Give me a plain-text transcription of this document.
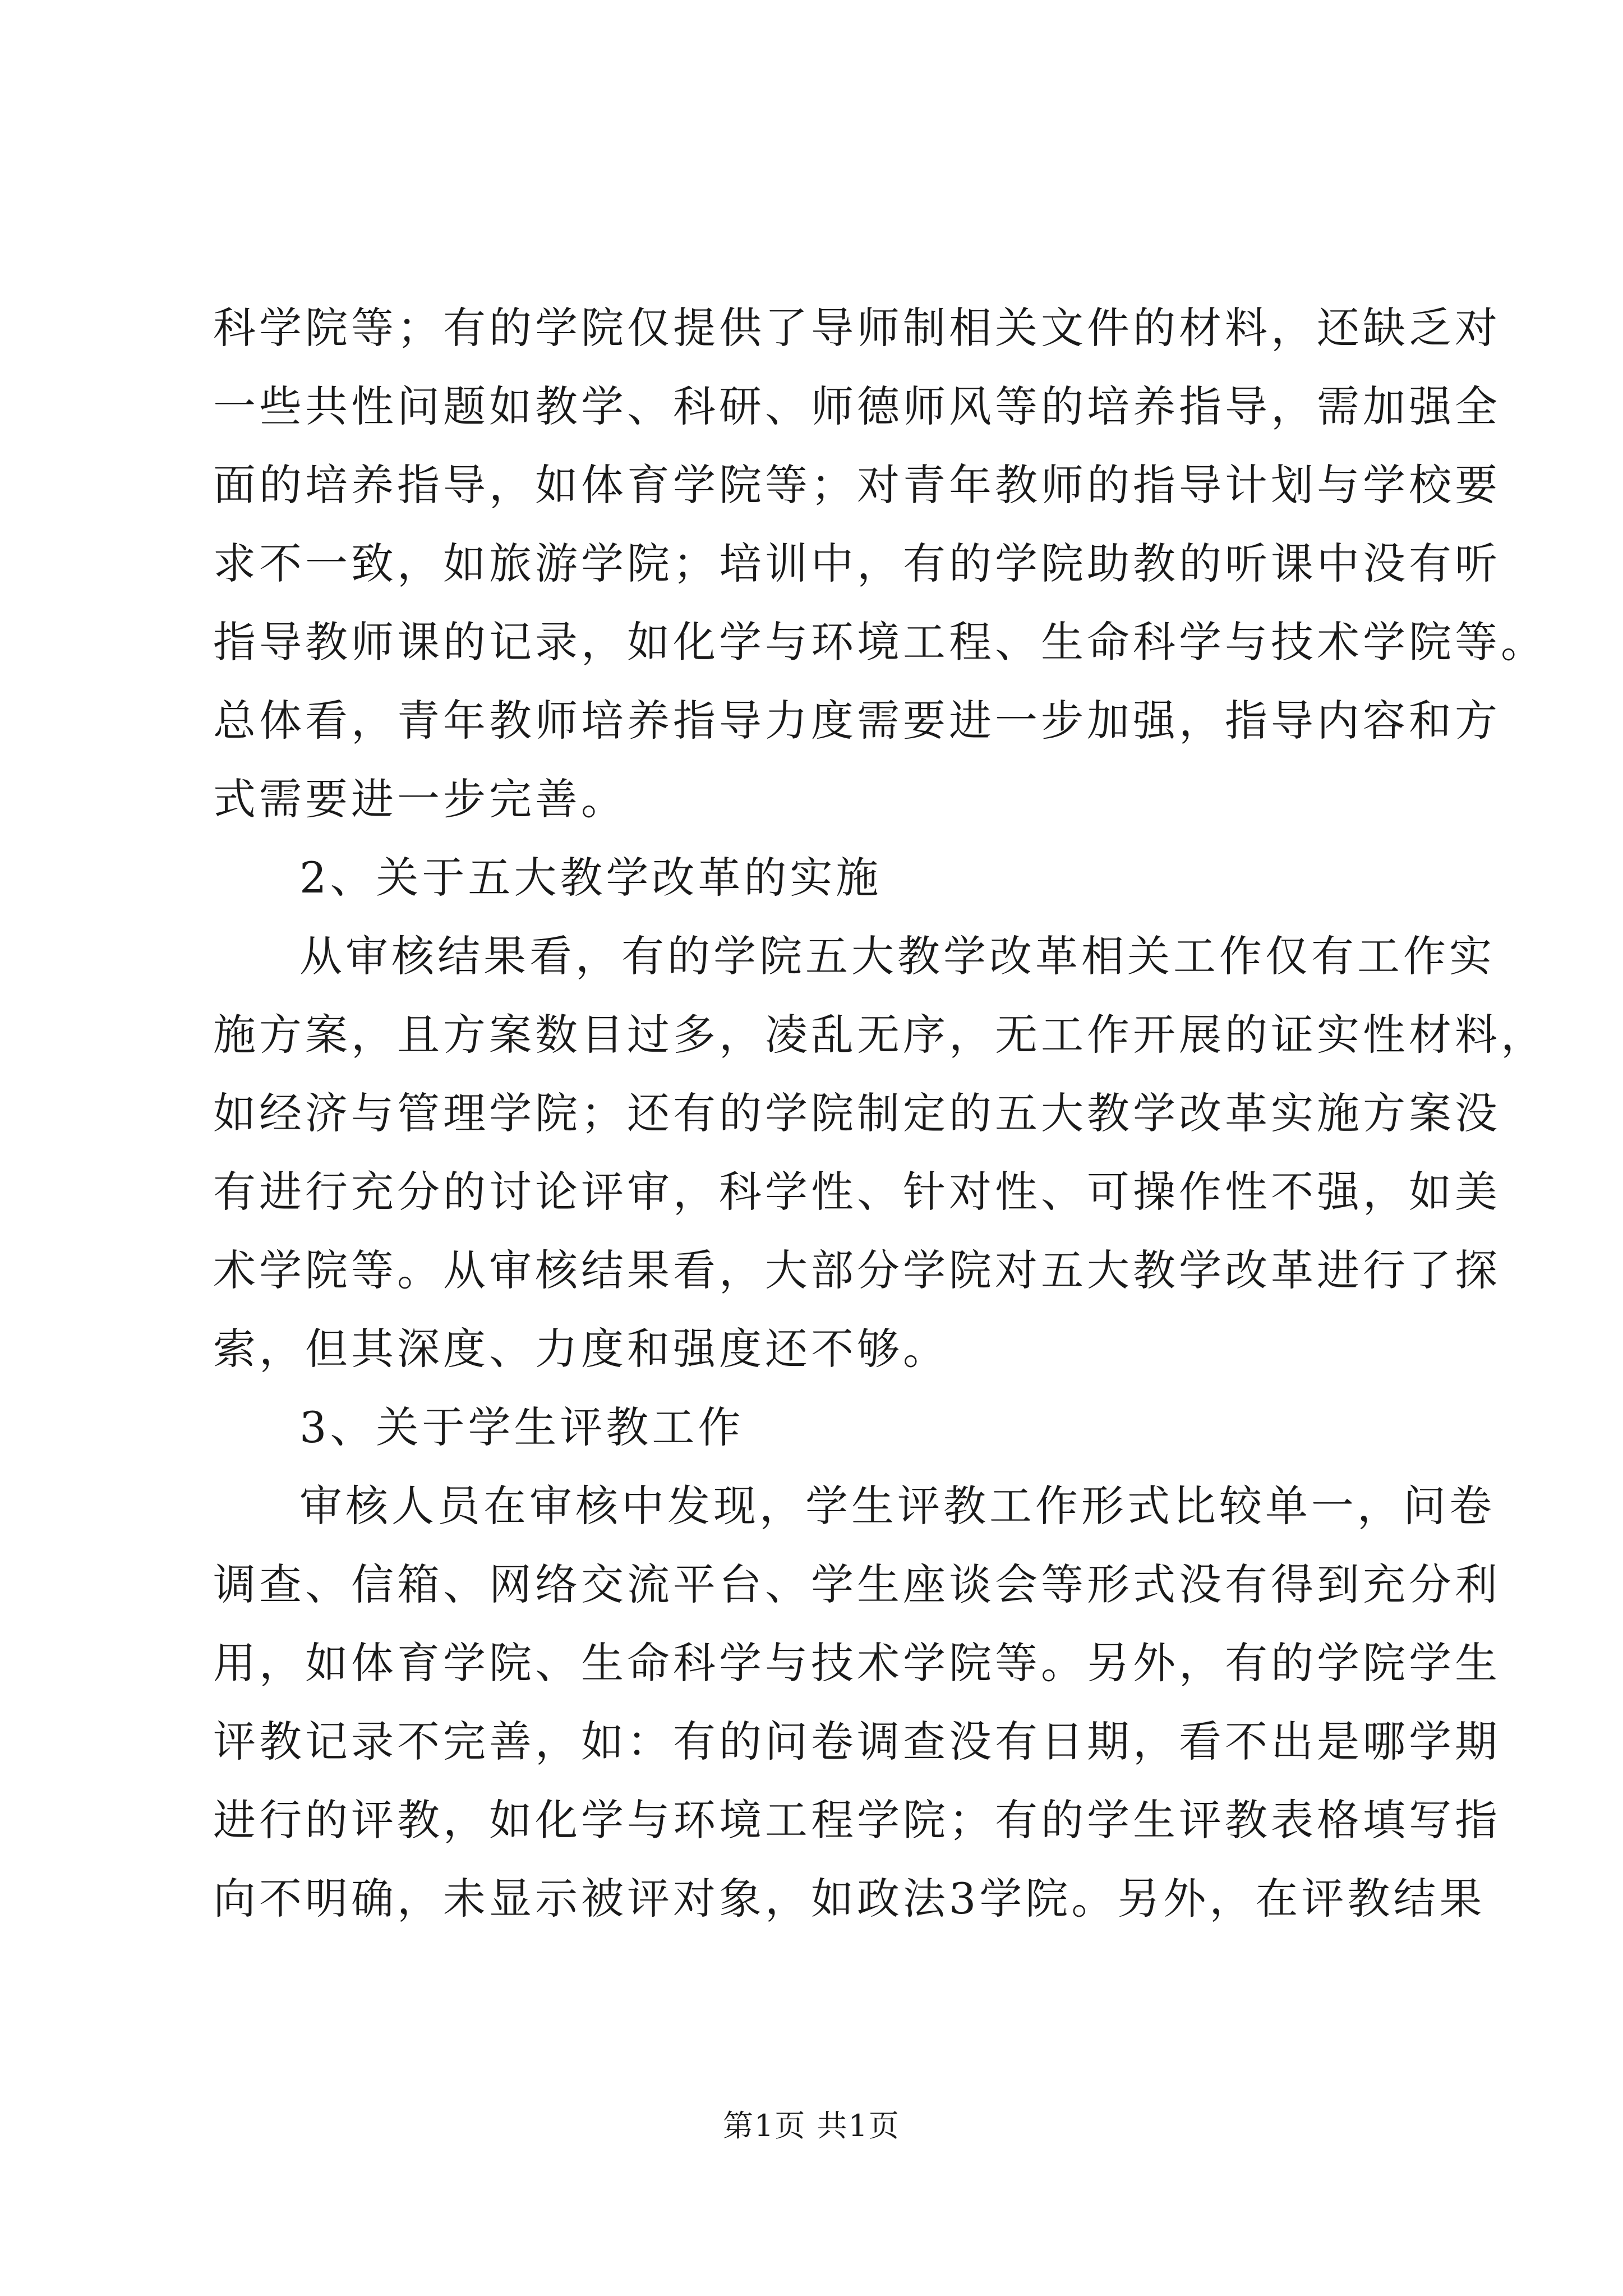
科学院等；有的学院仅提供了导师制相关文件的材料，还缺乏对
一些共性问题如教学、科研、师德师风等的培养指导，需加强全
面的培养指导，如体育学院等；对青年教师的指导计划与学校要
求不一致，如旅游学院；培训中，有的学院助教的听课中没有听
指导教师课的记录，如化学与环境工程、生命科学与技术学院等。
总体看，青年教师培养指导力度需要进一步加强，指导内容和方
式需要进一步完善。
2、关于五大教学改革的实施
从审核结果看，有的学院五大教学改革相关工作仅有工作实
施方案，且方案数目过多，凌乱无序，无工作开展的证实性材料，
如经济与管理学院；还有的学院制定的五大教学改革实施方案没
有进行充分的讨论评审，科学性、针对性、可操作性不强，如美
术学院等。从审核结果看，大部分学院对五大教学改革进行了探
索，但其深度、力度和强度还不够。
3、关于学生评教工作
审核人员在审核中发现，学生评教工作形式比较单一，问卷
调查、信箱、网络交流平台、学生座谈会等形式没有得到充分利
用，如体育学院、生命科学与技术学院等。另外，有的学院学生
评教记录不完善，如：有的问卷调查没有日期，看不出是哪学期
进行的评教，如化学与环境工程学院；有的学生评教表格填写指
向不明确，未显示被评对象，如政法3学院。另外，在评教结果
第1页 共1页
